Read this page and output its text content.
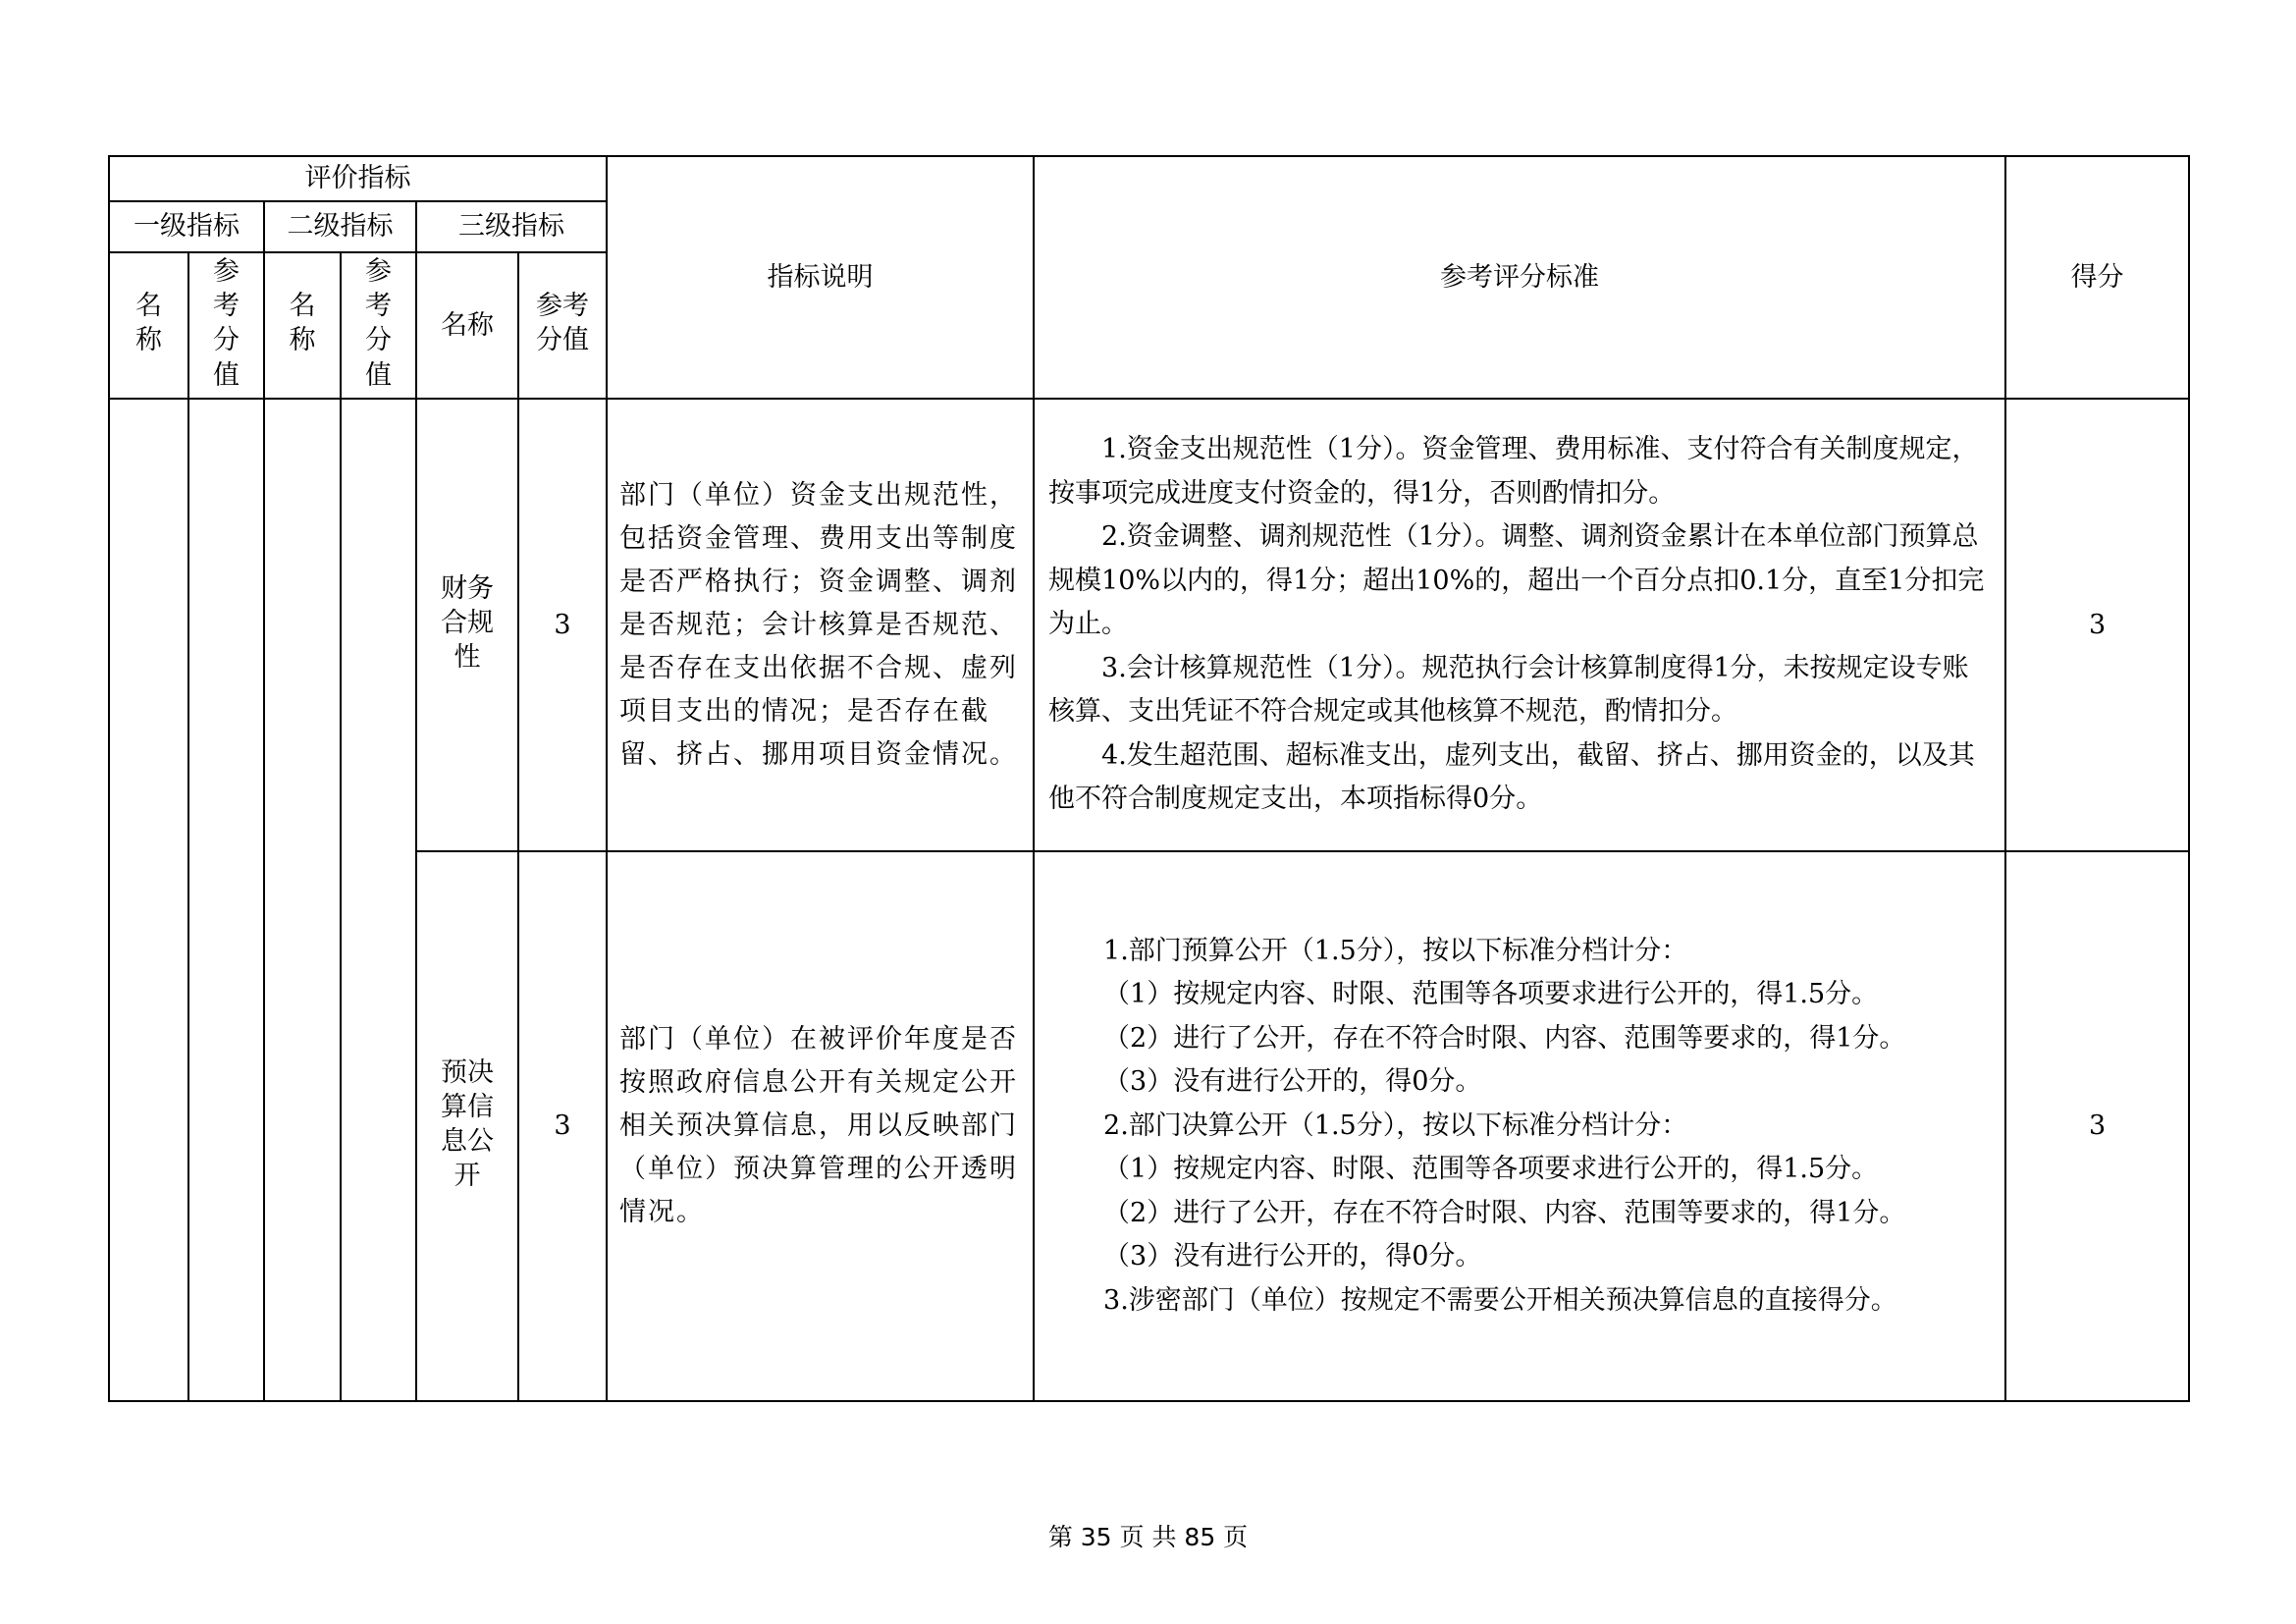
评价指标						指标说明	参考评分标准	得分
一级指标		二级指标		三级指标				
名称	参考分值	名称	参考分值	名称	参考分值			
				财务合规性	3	部门（单位）资金支出规范性，包括资金管理、费用支出等制度是否严格执行；资金调整、调剂是否规范；会计核算是否规范、是否存在支出依据不合规、虚列项目支出的情况；是否存在截留、挤占、挪用项目资金情况。	1.资金支出规范性（1分）。资金管理、费用标准、支付符合有关制度规定，按事项完成进度支付资金的，得1分，否则酌情扣分。

2.资金调整、调剂规范性（1分）。调整、调剂资金累计在本单位部门预算总规模10%以内的，得1分；超出10%的，超出一个百分点扣0.1分，直至1分扣完为止。

3.会计核算规范性（1分）。规范执行会计核算制度得1分，未按规定设专账核算、支出凭证不符合规定或其他核算不规范，酌情扣分。

4.发生超范围、超标准支出，虚列支出，截留、挤占、挪用资金的，以及其他不符合制度规定支出，本项指标得0分。	3
预决算信息公开	3	部门（单位）在被评价年度是否按照政府信息公开有关规定公开相关预决算信息，用以反映部门（单位）预决算管理的公开透明情况。	

1.部门预算公开（1.5分），按以下标准分档计分：

（1）按规定内容、时限、范围等各项要求进行公开的，得1.5分。

（2）进行了公开，存在不符合时限、内容、范围等要求的，得1分。

（3）没有进行公开的，得0分。

2.部门决算公开（1.5分），按以下标准分档计分：

（1）按规定内容、时限、范围等各项要求进行公开的，得1.5分。

（2）进行了公开，存在不符合时限、内容、范围等要求的，得1分。

（3）没有进行公开的，得0分。

3.涉密部门（单位）按规定不需要公开相关预决算信息的直接得分。

	3
第 35 页 共 85 页
